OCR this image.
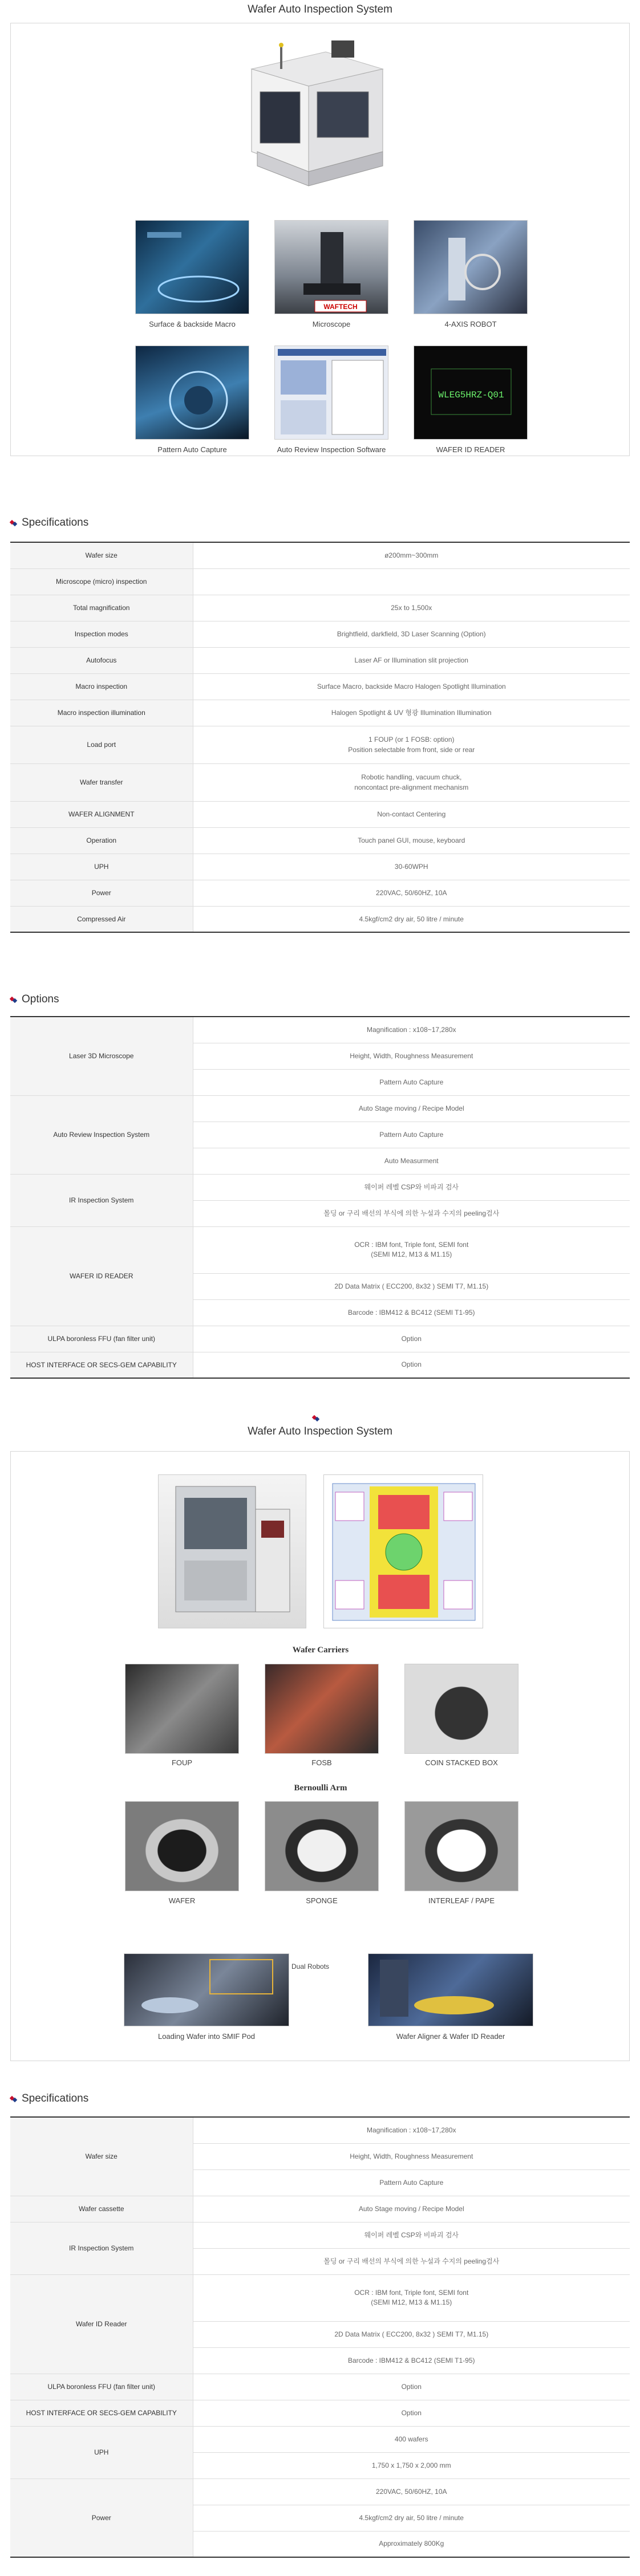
Wafer Auto Inspection System
WAFTECH
Surface & backside Macro	Microscope	4-AXIS ROBOT
WLEG5HRZ-Q01
Pattern Auto Capture	Auto Review Inspection Software	WAFER ID READER
Specifications
Wafer size	ø200mm~300mm

Microscope (micro) inspection	

Total magnification	25x to 1,500x

Inspection modes	Brightfield, darkfield, 3D Laser Scanning (Option)

Autofocus	Laser AF or Illumination slit projection

Macro inspection	Surface Macro, backside Macro Halogen Spotlight Illumination

Macro inspection illumination	Halogen Spotlight & UV 형광 Illumination Illumination

Load port	1 FOUP (or 1 FOSB: option)
Position selectable from front, side or rear

Wafer transfer	Robotic handling, vacuum chuck,
noncontact pre-alignment mechanism

WAFER ALIGNMENT	Non-contact Centering

Operation	Touch panel GUI, mouse, keyboard

UPH	30-60WPH

Power	220VAC, 50/60HZ, 10A

Compressed Air	4.5kgf/cm2 dry air, 50 litre / minute
Options
Laser 3D Microscope	Magnification : x108~17,280x
	Height, Width, Roughness Measurement
	Pattern Auto Capture
Auto Review Inspection System	Auto Stage moving / Recipe Model
	Pattern Auto Capture
	Auto Measurment
IR Inspection System	웨이퍼 레벨 CSP와 비파괴 검사
	몰딩 or 구리 배선의 부식에 의한 누설과 수지의 peeling검사
WAFER ID READER	OCR : IBM font, Triple font, SEMI font
(SEMI M12, M13 & M1.15)
	2D Data Matrix ( ECC200, 8x32 ) SEMI T7, M1.15)
	Barcode : IBM412 & BC412 (SEMI T1-95)
ULPA boronless FFU (fan filter unit)	Option
HOST INTERFACE OR SECS-GEM CAPABILITY	Option
Wafer Auto Inspection System
Wafer Carriers
FOUP	FOSB	COIN STACKED BOX
Bernoulli Arm
WAFER	SPONGE	INTERLEAF / PAPE
Dual Robots
Loading Wafer into SMIF Pod	Wafer Aligner & Wafer ID Reader
Specifications
Wafer size	Magnification : x108~17,280x
	Height, Width, Roughness Measurement
	Pattern Auto Capture
Wafer cassette	Auto Stage moving / Recipe Model
IR Inspection System	웨이퍼 레벨 CSP와 비파괴 검사
	몰딩 or 구리 배선의 부식에 의한 누설과 수지의 peeling검사
Wafer ID Reader	OCR : IBM font, Triple font, SEMI font
(SEMI M12, M13 & M1.15)
	2D Data Matrix ( ECC200, 8x32 ) SEMI T7, M1.15)
	Barcode : IBM412 & BC412 (SEMI T1-95)
ULPA boronless FFU (fan filter unit)	Option
HOST INTERFACE OR SECS-GEM CAPABILITY	Option
UPH	400 wafers
	1,750 x 1,750 x 2,000 mm
Power	220VAC, 50/60HZ, 10A
	4.5kgf/cm2 dry air, 50 litre / minute
	Approximately 800Kg
